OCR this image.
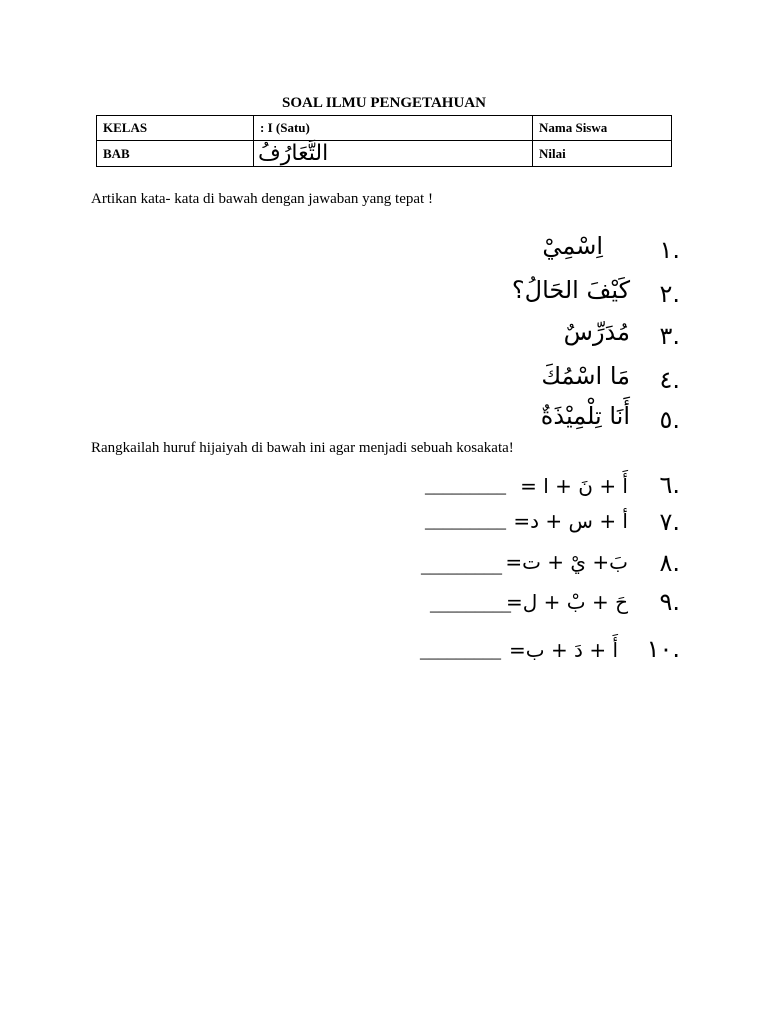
SOAL ILMU PENGETAHUAN
KELAS	: I (Satu)	Nama Siswa
BAB	التَّعَارُفُ	Nilai
Artikan kata- kata di bawah dengan jawaban yang tepat !
١.
اِسْمِيْ
٢.
كَيْفَ الحَالُ؟
٣.
مُدَرِّسٌ
٤.
مَا اسْمُكَ
٥.
أَنَا تِلْمِيْذَةٌ
Rangkailah huruf hijaiyah di bawah ini agar menjadi sebuah kosakata!
٦.
أَ + نَ + ا =
_________
٧.
أ + س + د=
_________
٨.
بَ+ يْ + ت=
_________
٩.
حَ + بْ + ل=
_________
١٠.
أَ + دَ + ب=
_________
